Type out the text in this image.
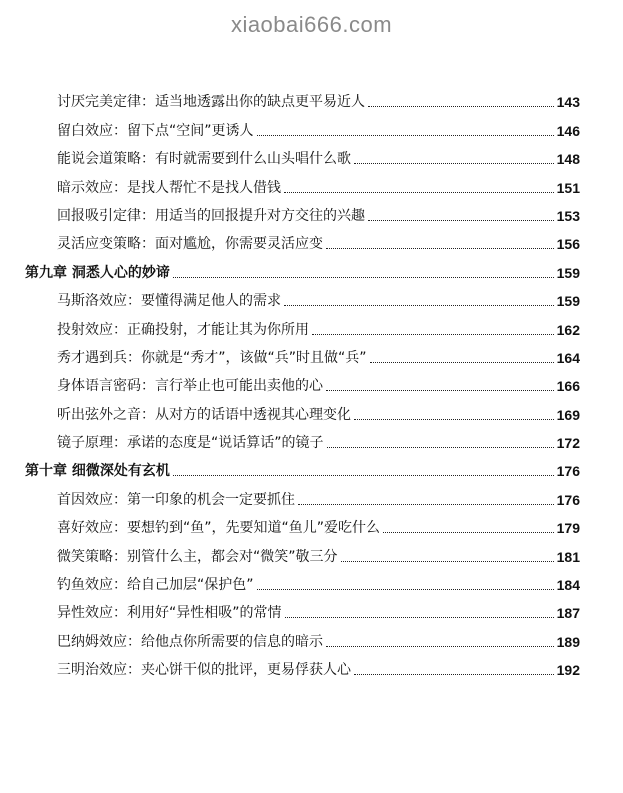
xiaobai666.com
讨厌完美定律：适当地透露出你的缺点更平易近人	143
留白效应：留下点“空间”更诱人	146
能说会道策略：有时就需要到什么山头唱什么歌	148
暗示效应：是找人帮忙不是找人借钱	151
回报吸引定律：用适当的回报提升对方交往的兴趣	153
灵活应变策略：面对尴尬，你需要灵活应变	156
第九章 洞悉人心的妙谛	159
马斯洛效应：要懂得满足他人的需求	159
投射效应：正确投射，才能让其为你所用	162
秀才遇到兵：你就是“秀才”，该做“兵”时且做“兵”	164
身体语言密码：言行举止也可能出卖他的心	166
听出弦外之音：从对方的话语中透视其心理变化	169
镜子原理：承诺的态度是“说话算话”的镜子	172
第十章 细微深处有玄机	176
首因效应：第一印象的机会一定要抓住	176
喜好效应：要想钓到“鱼”，先要知道“鱼儿”爱吃什么	179
微笑策略：别管什么主，都会对“微笑”敬三分	181
钓鱼效应：给自己加层“保护色”	184
异性效应：利用好“异性相吸”的常情	187
巴纳姆效应：给他点你所需要的信息的暗示	189
三明治效应：夹心饼干似的批评，更易俘获人心	192
